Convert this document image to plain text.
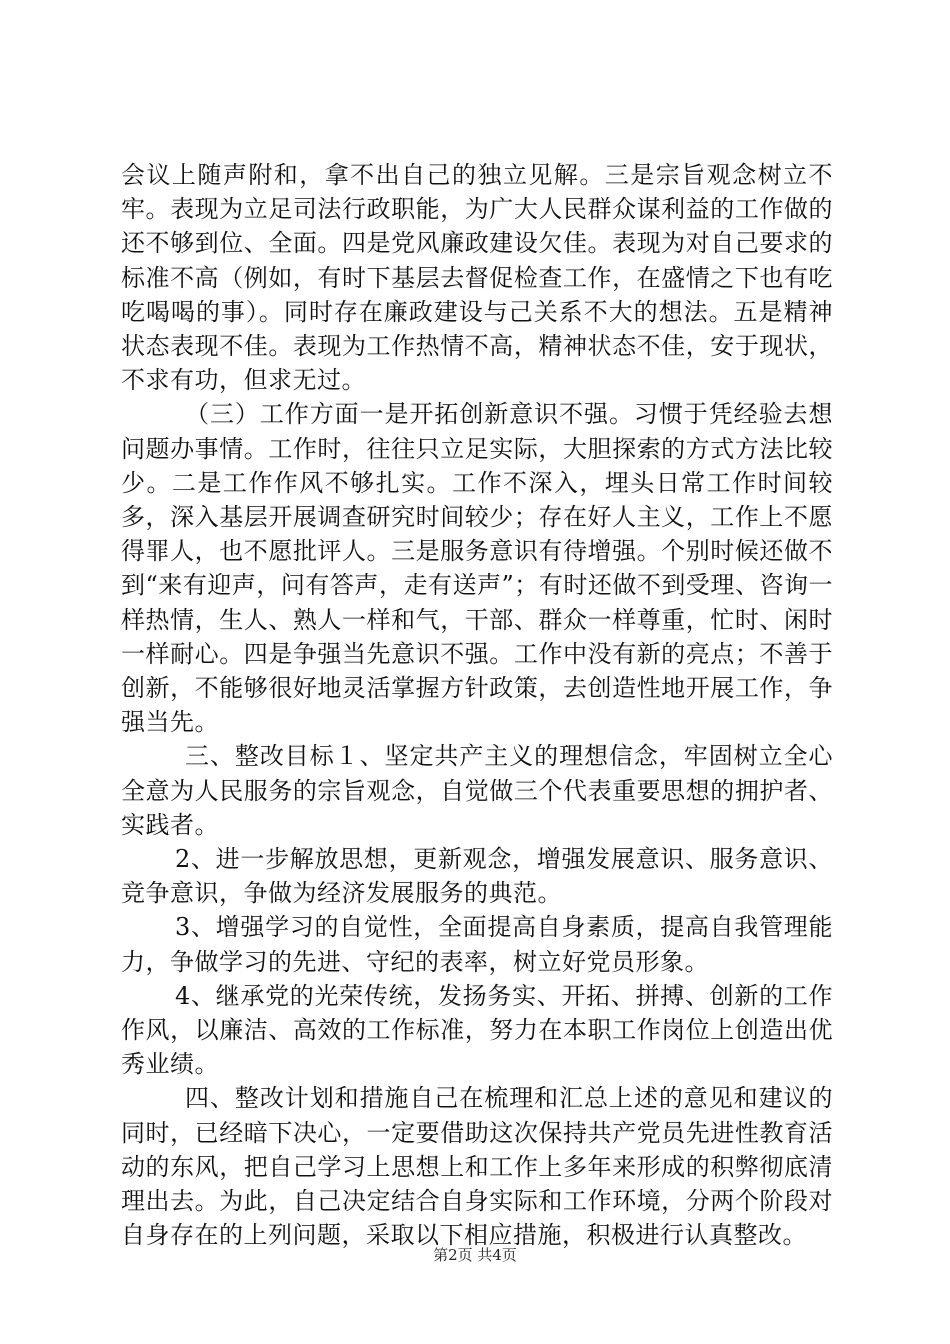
会议上随声附和，拿不出自己的独立见解。三是宗旨观念树立不牢。表现为立足司法行政职能，为广大人民群众谋利益的工作做的还不够到位、全面。四是党风廉政建设欠佳。表现为对自己要求的标准不高（例如，有时下基层去督促检查工作，在盛情之下也有吃吃喝喝的事）。同时存在廉政建设与己关系不大的想法。五是精神状态表现不佳。表现为工作热情不高，精神状态不佳，安于现状，不求有功，但求无过。

（三）工作方面一是开拓创新意识不强。习惯于凭经验去想问题办事情。工作时，往往只立足实际，大胆探索的方式方法比较少。二是工作作风不够扎实。工作不深入，埋头日常工作时间较多，深入基层开展调查研究时间较少；存在好人主义，工作上不愿得罪人，也不愿批评人。三是服务意识有待增强。个别时候还做不到“来有迎声，问有答声，走有送声”；有时还做不到受理、咨询一样热情，生人、熟人一样和气，干部、群众一样尊重，忙时、闲时一样耐心。四是争强当先意识不强。工作中没有新的亮点；不善于创新，不能够很好地灵活掌握方针政策，去创造性地开展工作，争强当先。

三、整改目标１、坚定共产主义的理想信念，牢固树立全心全意为人民服务的宗旨观念，自觉做三个代表重要思想的拥护者、实践者。

2、进一步解放思想，更新观念，增强发展意识、服务意识、竞争意识，争做为经济发展服务的典范。

3、增强学习的自觉性，全面提高自身素质，提高自我管理能力，争做学习的先进、守纪的表率，树立好党员形象。

4、继承党的光荣传统，发扬务实、开拓、拼搏、创新的工作作风，以廉洁、高效的工作标准，努力在本职工作岗位上创造出优秀业绩。

四、整改计划和措施自己在梳理和汇总上述的意见和建议的同时，已经暗下决心，一定要借助这次保持共产党员先进性教育活动的东风，把自己学习上思想上和工作上多年来形成的积弊彻底清理出去。为此，自己决定结合自身实际和工作环境，分两个阶段对自身存在的上列问题，采取以下相应措施，积极进行认真整改。

第2页 共4页
